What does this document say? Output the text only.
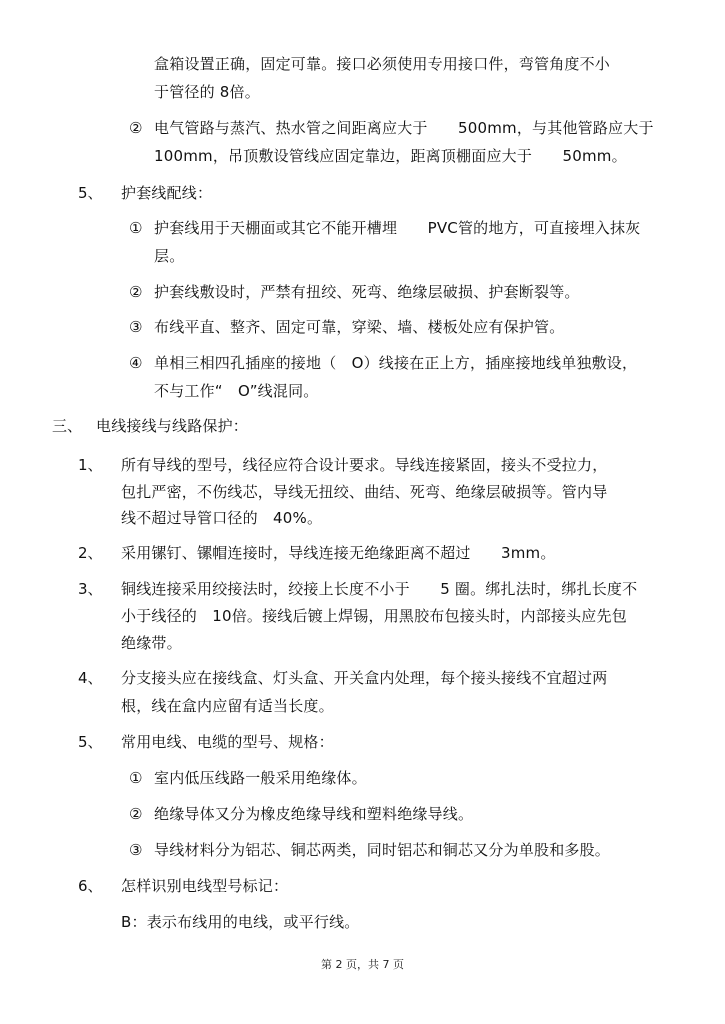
盒箱设置正确，固定可靠。接口必须使用专用接口件，弯管角度不小
于管径的 8倍。
② 电气管路与蒸汽、热水管之间距离应大于　　500mm，与其他管路应大于
100mm，吊顶敷设管线应固定靠边，距离顶棚面应大于　　50mm。
5、 护套线配线：
① 护套线用于天棚面或其它不能开槽埋　　PVC管的地方，可直接埋入抹灰
层。
② 护套线敷设时，严禁有扭绞、死弯、绝缘层破损、护套断裂等。
③ 布线平直、整齐、固定可靠，穿梁、墙、楼板处应有保护管。
④ 单相三相四孔插座的接地（　O）线接在正上方，插座接地线单独敷设，
不与工作“　O”线混同。
三、 电线接线与线路保护：
1、 所有导线的型号，线径应符合设计要求。导线连接紧固，接头不受拉力，
包扎严密，不伤线芯，导线无扭绞、曲结、死弯、绝缘层破损等。管内导
线不超过导管口径的　40%。
2、 采用镙钉、镙帽连接时，导线连接无绝缘距离不超过　　3mm。
3、 铜线连接采用绞接法时，绞接上长度不小于　　5 圈。绑扎法时，绑扎长度不
小于线径的　10倍。接线后镀上焊锡，用黑胶布包接头时，内部接头应先包
绝缘带。
4、 分支接头应在接线盒、灯头盒、开关盒内处理，每个接头接线不宜超过两
根，线在盒内应留有适当长度。
5、 常用电线、电缆的型号、规格：
① 室内低压线路一般采用绝缘体。
② 绝缘导体又分为橡皮绝缘导线和塑料绝缘导线。
③ 导线材料分为铝芯、铜芯两类，同时铝芯和铜芯又分为单股和多股。
6、 怎样识别电线型号标记：
B：表示布线用的电线，或平行线。
第 2 页，共 7 页
